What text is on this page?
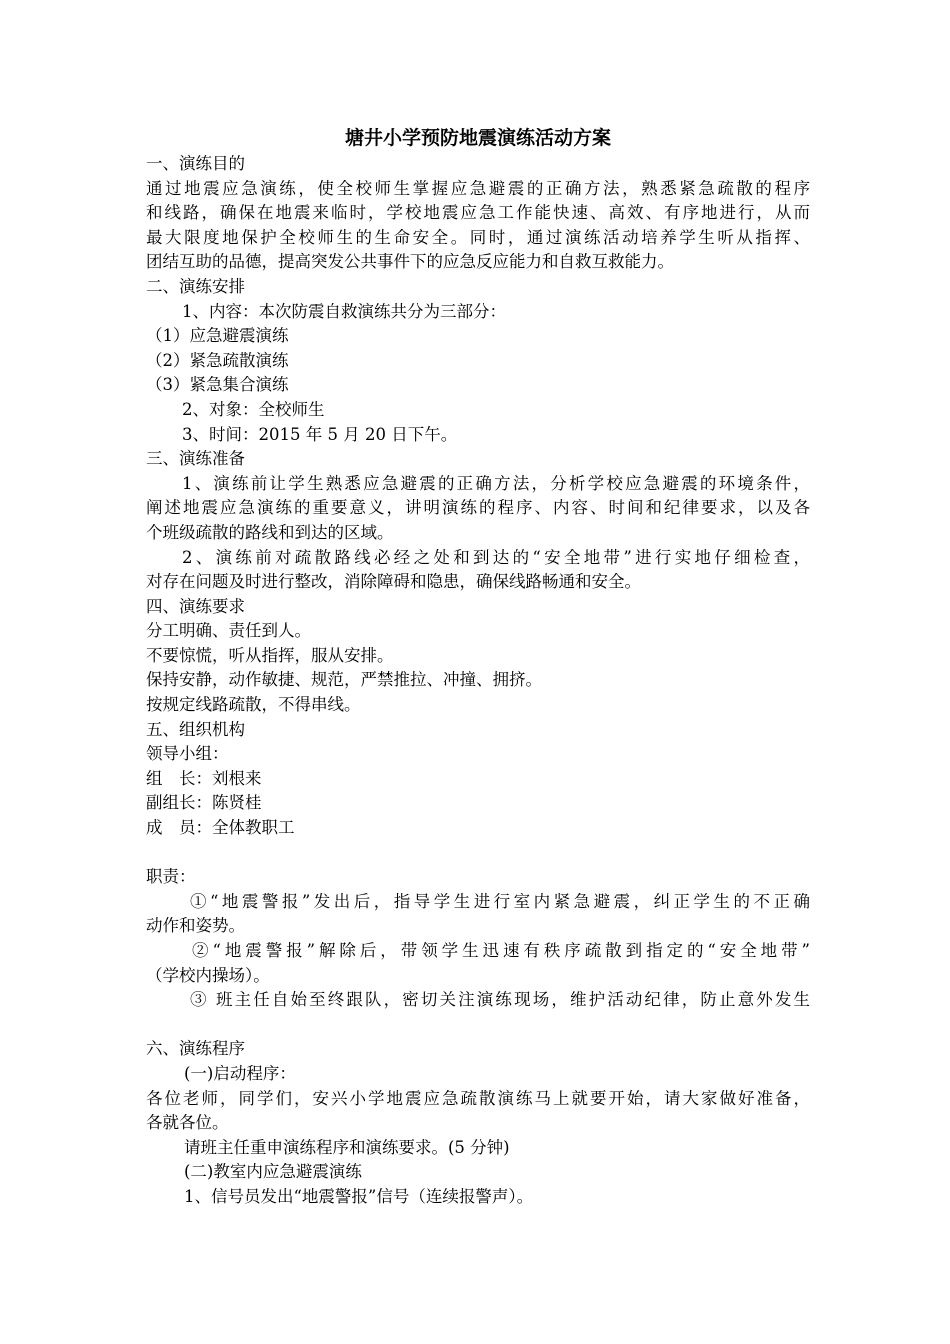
塘井小学预防地震演练活动方案
一、演练目的
通过地震应急演练，使全校师生掌握应急避震的正确方法，熟悉紧急疏散的程序
和线路，确保在地震来临时，学校地震应急工作能快速、高效、有序地进行，从而
最大限度地保护全校师生的生命安全。同时，通过演练活动培养学生听从指挥、
团结互助的品德，提高突发公共事件下的应急反应能力和自救互救能力。
二、演练安排
1、内容：本次防震自救演练共分为三部分：
（1）应急避震演练
（2）紧急疏散演练
（3）紧急集合演练
2、对象：全校师生
3、时间：2015 年 5 月 20 日下午。
三、演练准备
1、演练前让学生熟悉应急避震的正确方法，分析学校应急避震的环境条件，
阐述地震应急演练的重要意义，讲明演练的程序、内容、时间和纪律要求，以及各
个班级疏散的路线和到达的区域。
2、演练前对疏散路线必经之处和到达的“安全地带”进行实地仔细检查，
对存在问题及时进行整改，消除障碍和隐患，确保线路畅通和安全。
四、演练要求
分工明确、责任到人。
不要惊慌，听从指挥，服从安排。
保持安静，动作敏捷、规范，严禁推拉、冲撞、拥挤。
按规定线路疏散，不得串线。
五、组织机构
领导小组：
组　长：刘根来
副组长：陈贤桂
成　员：全体教职工
职责：
①“地震警报”发出后，指导学生进行室内紧急避震，纠正学生的不正确
动作和姿势。
②“地震警报”解除后，带领学生迅速有秩序疏散到指定的“安全地带”
（学校内操场）。
③ 班主任自始至终跟队，密切关注演练现场，维护活动纪律，防止意外发生
六、演练程序
(一)启动程序：
各位老师，同学们，安兴小学地震应急疏散演练马上就要开始，请大家做好准备，
各就各位。
请班主任重申演练程序和演练要求。(5 分钟)
(二)教室内应急避震演练
1、信号员发出“地震警报”信号（连续报警声）。
